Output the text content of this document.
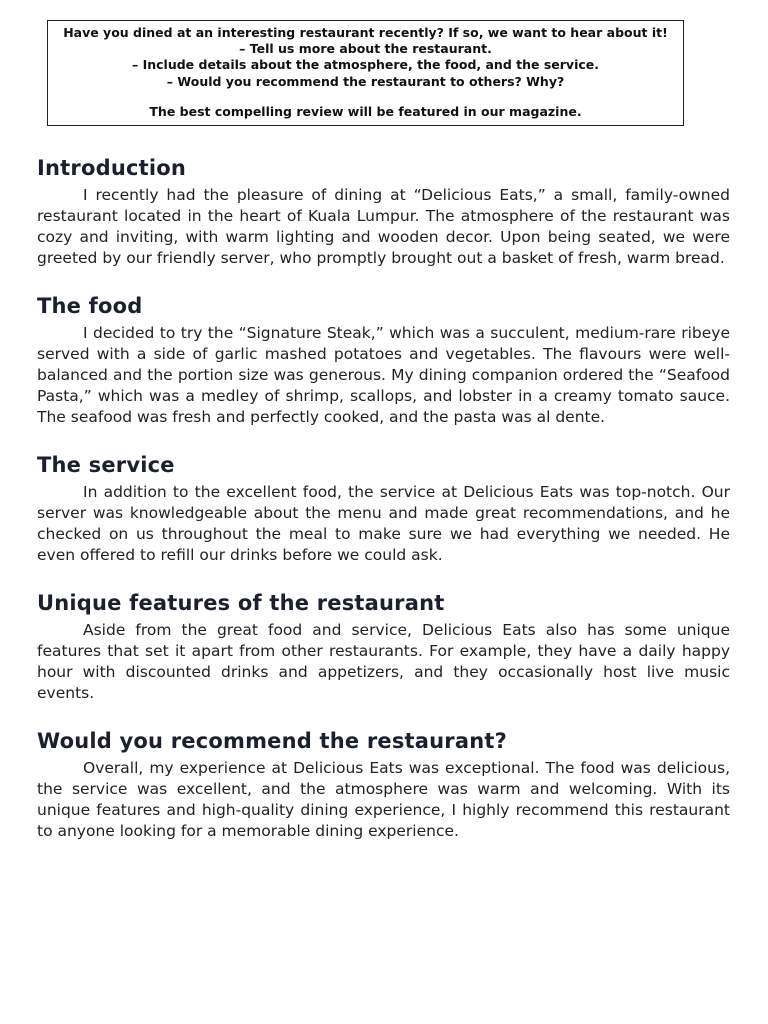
Have you dined at an interesting restaurant recently? If so, we want to hear about it!
– Tell us more about the restaurant.
– Include details about the atmosphere, the food, and the service.
– Would you recommend the restaurant to others? Why?
The best compelling review will be featured in our magazine.
Introduction

I recently had the pleasure of dining at “Delicious Eats,” a small, family-owned restaurant located in the heart of Kuala Lumpur. The atmosphere of the restaurant was cozy and inviting, with warm lighting and wooden decor. Upon being seated, we were greeted by our friendly server, who promptly brought out a basket of fresh, warm bread.

The food

I decided to try the “Signature Steak,” which was a succulent, medium-rare ribeye served with a side of garlic mashed potatoes and vegetables. The flavours were well-balanced and the portion size was generous. My dining companion ordered the “Seafood Pasta,” which was a medley of shrimp, scallops, and lobster in a creamy tomato sauce. The seafood was fresh and perfectly cooked, and the pasta was al dente.

The service

In addition to the excellent food, the service at Delicious Eats was top-notch. Our server was knowledgeable about the menu and made great recommendations, and he checked on us throughout the meal to make sure we had everything we needed. He even offered to refill our drinks before we could ask.

Unique features of the restaurant

Aside from the great food and service, Delicious Eats also has some unique features that set it apart from other restaurants. For example, they have a daily happy hour with discounted drinks and appetizers, and they occasionally host live music events.

Would you recommend the restaurant?

Overall, my experience at Delicious Eats was exceptional. The food was delicious, the service was excellent, and the atmosphere was warm and welcoming. With its unique features and high-quality dining experience, I highly recommend this restaurant to anyone looking for a memorable dining experience.
